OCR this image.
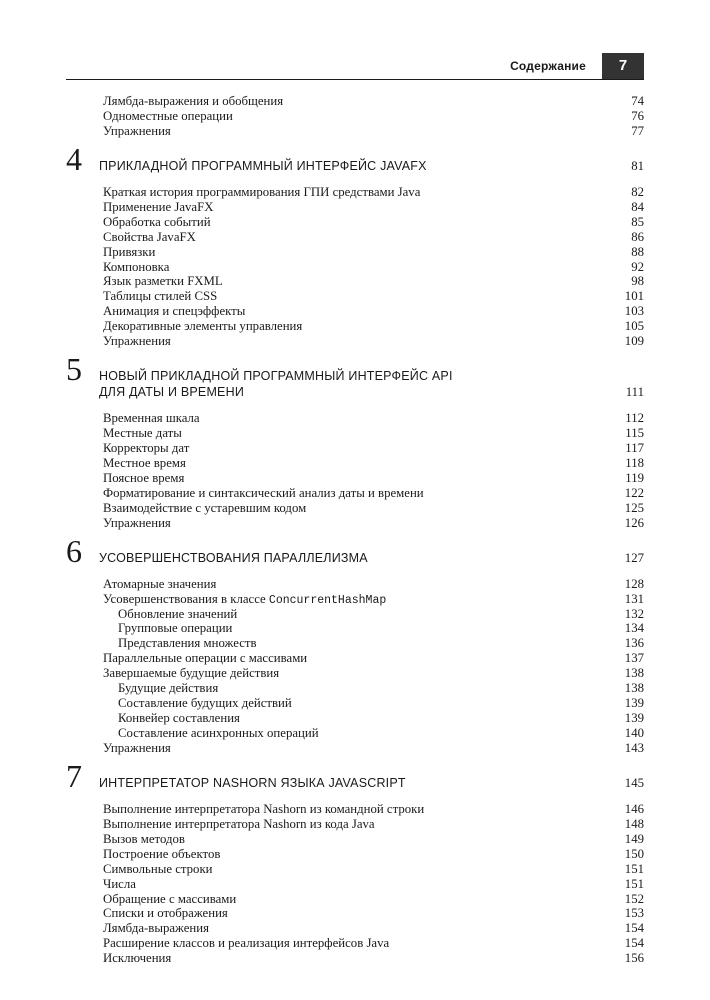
Содержание	7
Лямбда-выражения и обобщения	74
Одноместные операции	76
Упражнения	77
4 ПРИКЛАДНОЙ ПРОГРАММНЫЙ ИНТЕРФЕЙС JAVAFX	81
Краткая история программирования ГПИ средствами Java	82
Применение JavaFX	84
Обработка событий	85
Свойства JavaFX	86
Привязки	88
Компоновка	92
Язык разметки FXML	98
Таблицы стилей CSS	101
Анимация и спецэффекты	103
Декоративные элементы управления	105
Упражнения	109
5 НОВЫЙ ПРИКЛАДНОЙ ПРОГРАММНЫЙ ИНТЕРФЕЙС API
ДЛЯ ДАТЫ И ВРЕМЕНИ	111
Временная шкала	112
Местные даты	115
Корректоры дат	117
Местное время	118
Поясное время	119
Форматирование и синтаксический анализ даты и времени	122
Взаимодействие с устаревшим кодом	125
Упражнения	126
6 УСОВЕРШЕНСТВОВАНИЯ ПАРАЛЛЕЛИЗМА	127
Атомарные значения	128
Усовершенствования в классе ConcurrentHashMap	131
Обновление значений	132
Групповые операции	134
Представления множеств	136
Параллельные операции с массивами	137
Завершаемые будущие действия	138
Будущие действия	138
Составление будущих действий	139
Конвейер составления	139
Составление асинхронных операций	140
Упражнения	143
7 ИНТЕРПРЕТАТОР NASHORN ЯЗЫКА JAVASCRIPT	145
Выполнение интерпретатора Nashorn из командной строки	146
Выполнение интерпретатора Nashorn из кода Java	148
Вызов методов	149
Построение объектов	150
Символьные строки	151
Числа	151
Обращение с массивами	152
Списки и отображения	153
Лямбда-выражения	154
Расширение классов и реализация интерфейсов Java	154
Исключения	156
